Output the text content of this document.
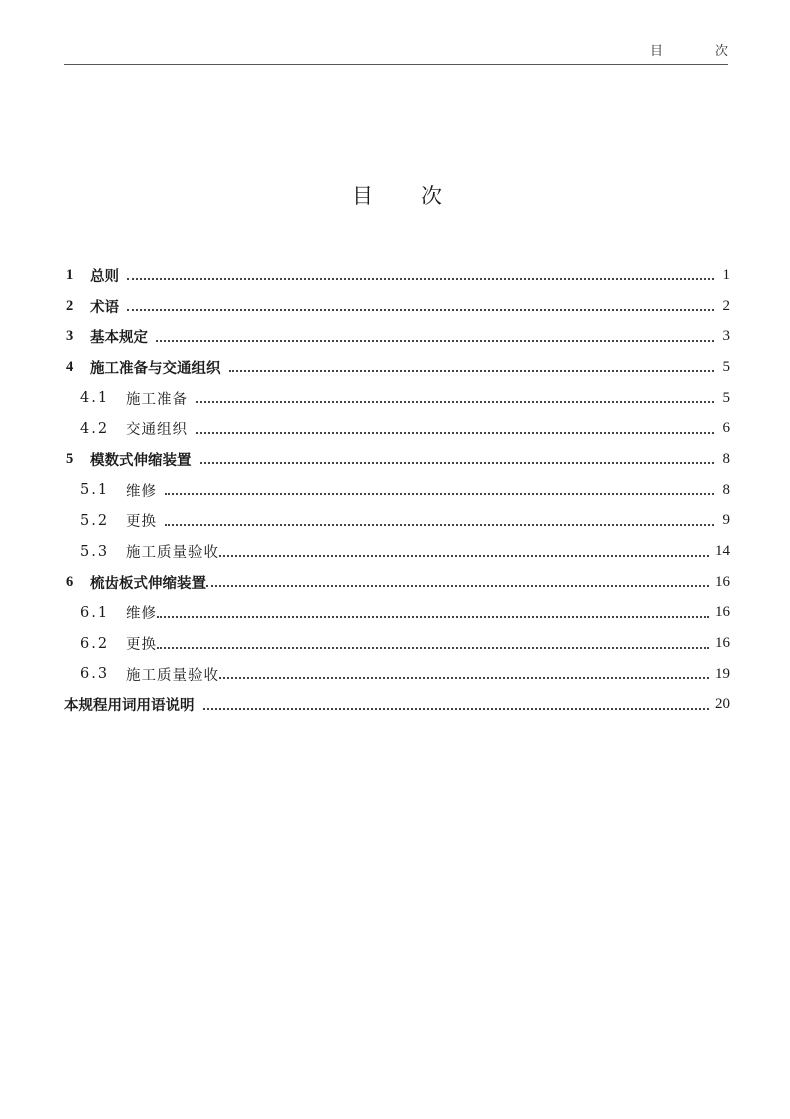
目	次
目 次
1	总则	1
2	术语	2
3	基本规定	3
4	施工准备与交通组织	5
4.1	施工准备	5
4.2	交通组织	6
5	模数式伸缩装置	8
5.1	维修	8
5.2	更换	9
5.3	施工质量验收	14
6	梳齿板式伸缩装置	16
6.1	维修	16
6.2	更换	16
6.3	施工质量验收	19
本规程用词用语说明	20
